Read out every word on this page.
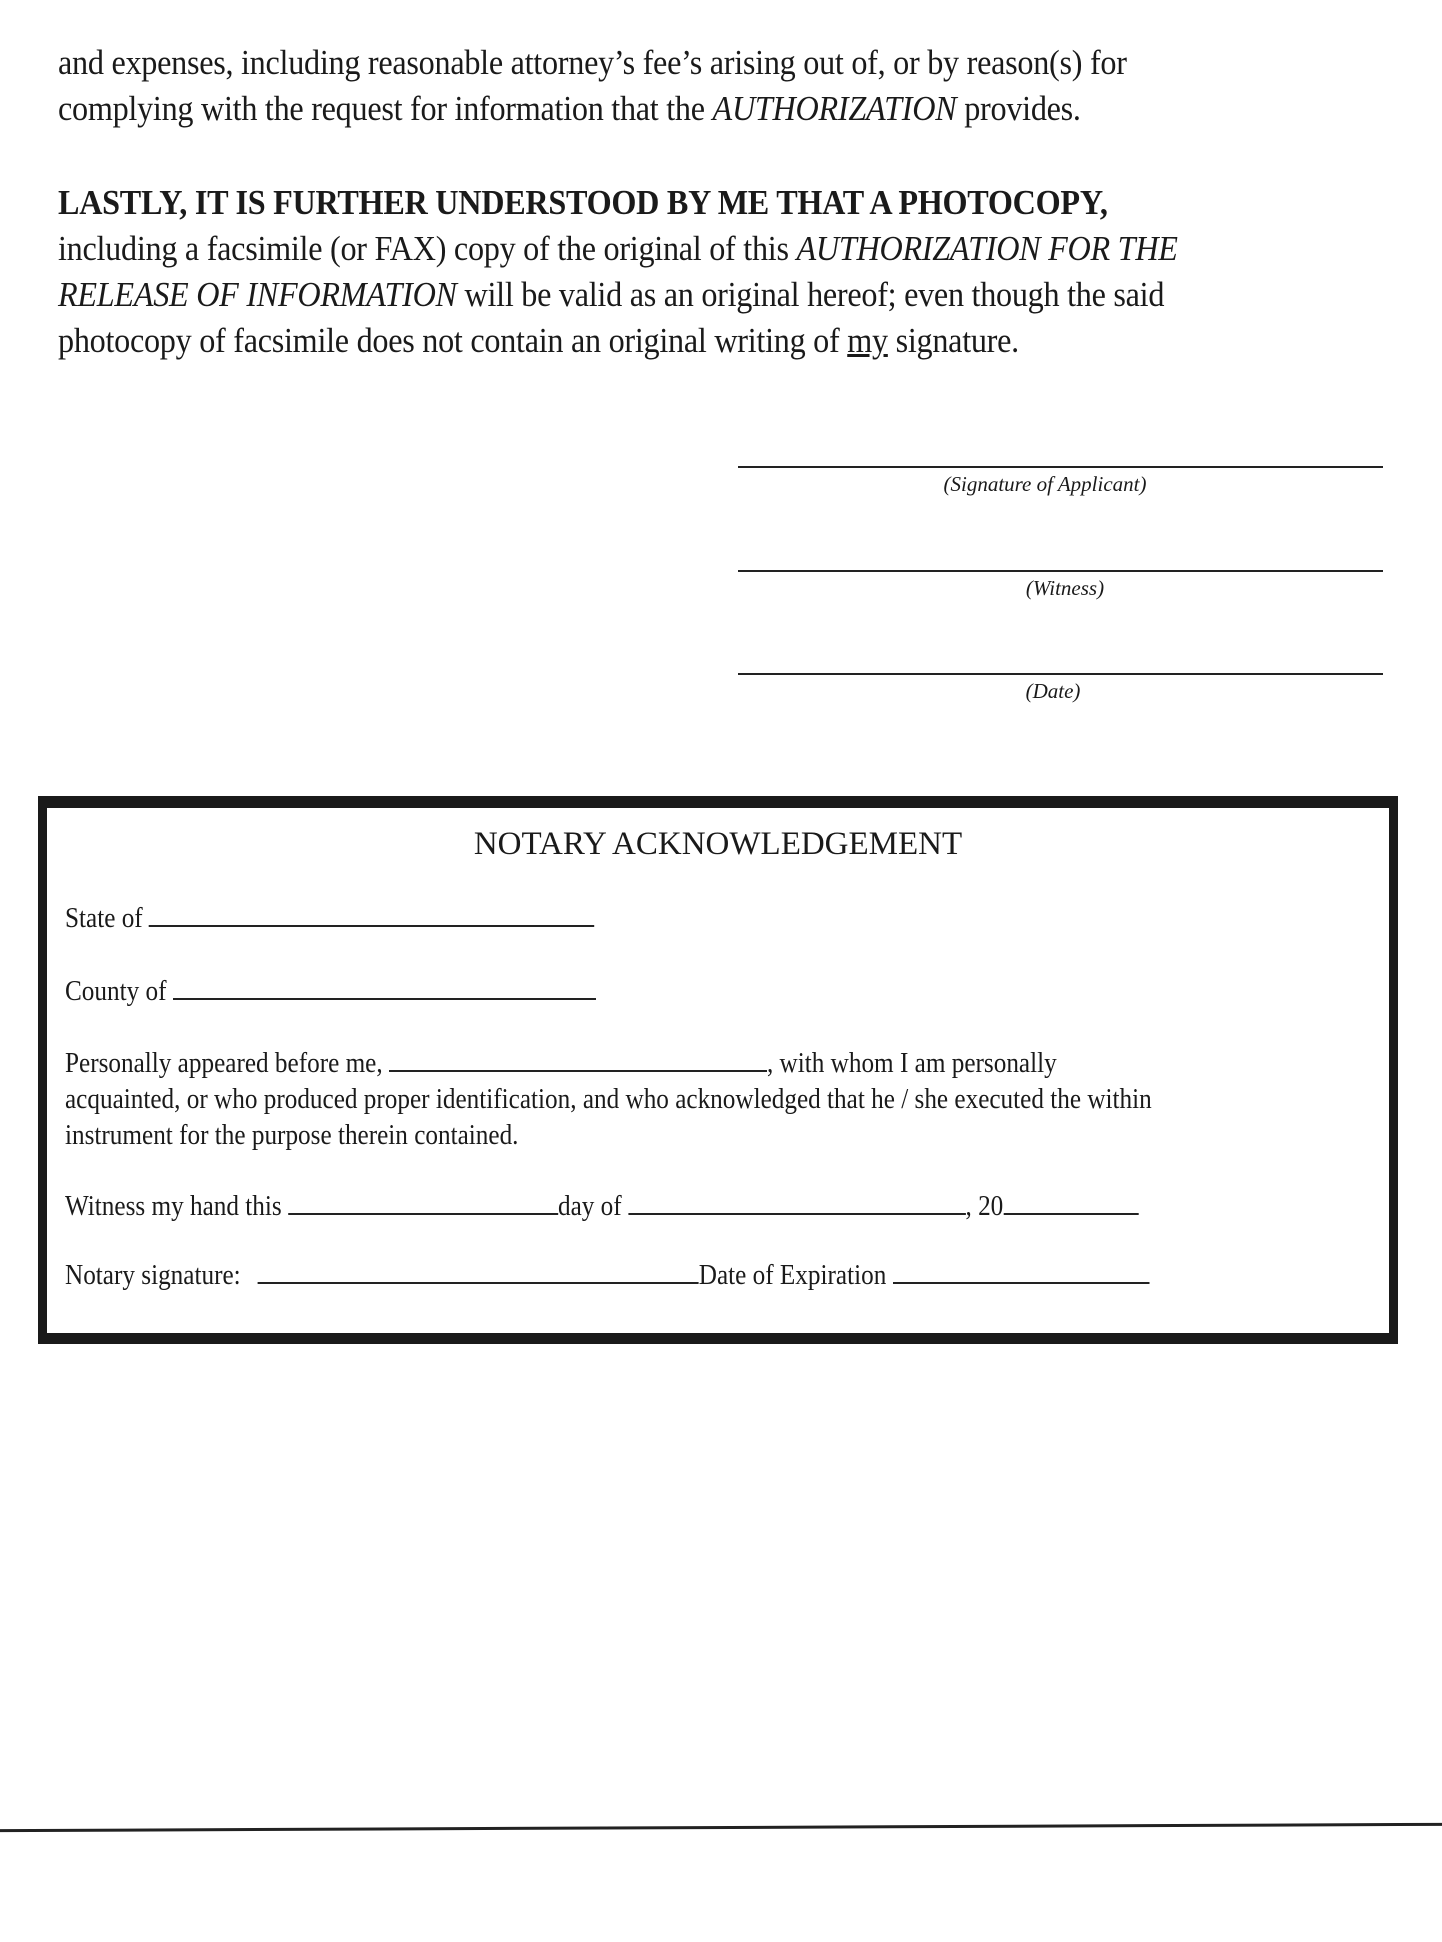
and expenses, including reasonable attorney’s fee’s arising out of, or by reason(s) for
complying with the request for information that the AUTHORIZATION provides.
LASTLY, IT IS FURTHER UNDERSTOOD BY ME THAT A PHOTOCOPY,
including a facsimile (or FAX) copy of the original of this AUTHORIZATION FOR THE
RELEASE OF INFORMATION will be valid as an original hereof; even though the said
photocopy of facsimile does not contain an original writing of my signature.
(Signature of Applicant)
(Witness)
(Date)
NOTARY ACKNOWLEDGEMENT
State of
County of
Personally appeared before me,	, with whom I am personally
acquainted, or who produced proper identification, and who acknowledged that he / she executed the within
instrument for the purpose therein contained.
Witness my hand this	day of	, 20
Notary signature:	Date of Expiration
